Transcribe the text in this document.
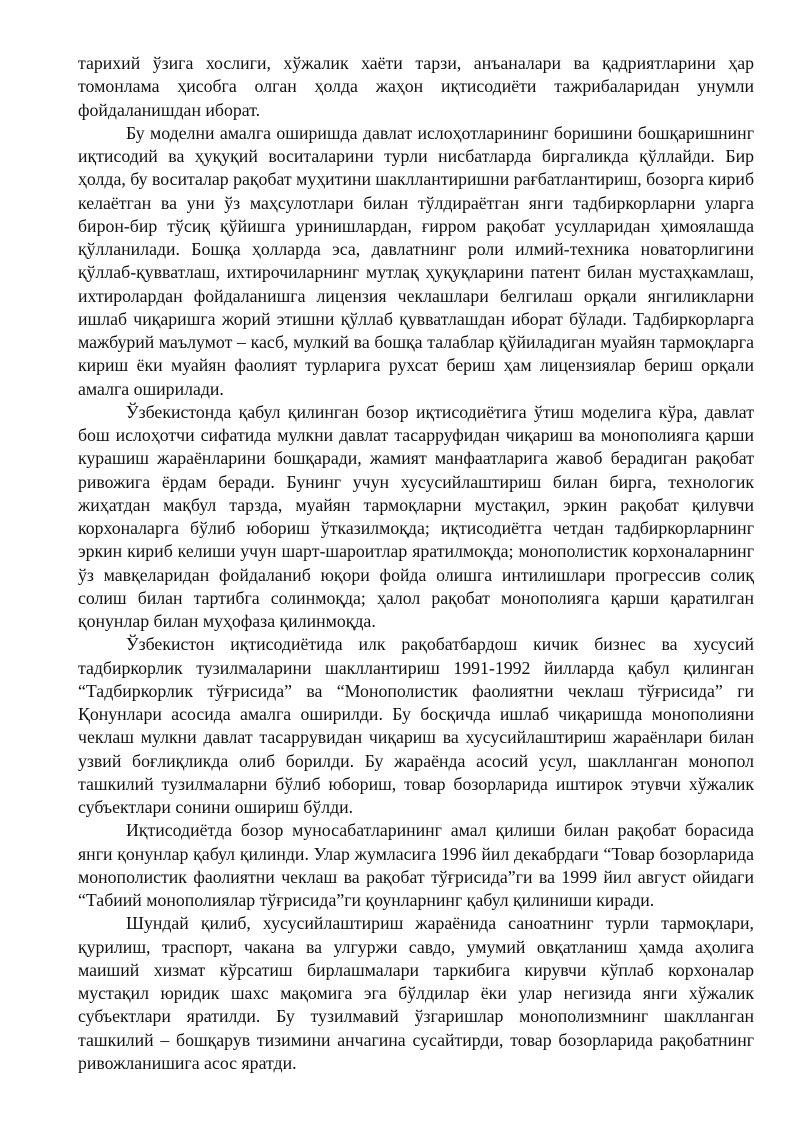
тарихий ўзига хослиги, хўжалик хаёти тарзи, анъаналари ва қадриятларини ҳар томонлама ҳисобга олган ҳолда жаҳон иқтисодиёти тажрибаларидан унумли фойдаланишдан иборат.

Бу моделни амалга оширишда давлат ислоҳотларининг боришини бошқаришнинг иқтисодий ва ҳуқуқий воситаларини турли нисбатларда биргаликда қўллайди. Бир ҳолда, бу воситалар рақобат муҳитини шакллантиришни рағбатлантириш, бозорга кириб келаётган ва уни ўз маҳсулотлари билан тўлдираётган янги тадбиркорларни уларга бирон-бир тўсиқ қўйишга уринишлардан, ғирром рақобат усулларидан ҳимоялашда қўлланилади. Бошқа ҳолларда эса, давлатнинг роли илмий-техника новаторлигини қўллаб-қувватлаш, ихтирочиларнинг мутлақ ҳуқуқларини патент билан мустаҳкамлаш, ихтиролардан фойдаланишга лицензия чеклашлари белгилаш орқали янгиликларни ишлаб чиқаришга жорий этишни қўллаб қувватлашдан иборат бўлади. Тадбиркорларга мажбурий маълумот – касб, мулкий ва бошқа талаблар қўйиладиган муайян тармоқларга кириш ёки муайян фаолият турларига рухсат бериш ҳам лицензиялар бериш орқали амалга оширилади.

Ўзбекистонда қабул қилинган бозор иқтисодиётига ўтиш моделига кўра, давлат бош ислоҳотчи сифатида мулкни давлат тасарруфидан чиқариш ва монополияга қарши курашиш жараёнларини бошқаради, жамият манфаатларига жавоб берадиган рақобат ривожига ёрдам беради. Бунинг учун хусусийлаштириш билан бирга, технологик жиҳатдан мақбул тарзда, муайян тармоқларни мустақил, эркин рақобат қилувчи корхоналарга бўлиб юбориш ўтказилмоқда; иқтисодиётга четдан тадбиркорларнинг эркин кириб келиши учун шарт-шароитлар яратилмоқда; монополистик корхоналарнинг ўз мавқеларидан фойдаланиб юқори фойда олишга интилишлари прогрессив солиқ солиш билан тартибга солинмоқда; ҳалол рақобат монополияга қарши қаратилган қонунлар билан муҳофаза қилинмоқда.

Ўзбекистон иқтисодиётида илк рақобатбардош кичик бизнес ва хусусий тадбиркорлик тузилмаларини шакллантириш 1991-1992 йилларда қабул қилинган “Тадбиркорлик тўғрисида” ва “Монополистик фаолиятни чеклаш тўғрисида” ги Қонунлари асосида амалга оширилди. Бу босқичда ишлаб чиқаришда монополияни чеклаш мулкни давлат тасаррувидан чиқариш ва хусусийлаштириш жараёнлари билан узвий боғлиқликда олиб борилди. Бу жараёнда асосий усул, шаклланган монопол ташкилий тузилмаларни бўлиб юбориш, товар бозорларида иштирок этувчи хўжалик субъектлари сонини ошириш бўлди.

Иқтисодиётда бозор муносабатларининг амал қилиши билан рақобат борасида янги қонунлар қабул қилинди. Улар жумласига 1996 йил декабрдаги “Товар бозорларида монополистик фаолиятни чеклаш ва рақобат тўғрисида”ги ва 1999 йил август ойидаги “Табиий монополиялар тўғрисида”ги қоунларнинг қабул қилиниши киради.

Шундай қилиб, хусусийлаштириш жараёнида саноатнинг турли тармоқлари, қурилиш, траспорт, чакана ва улгуржи савдо, умумий овқатланиш ҳамда аҳолига маиший хизмат кўрсатиш бирлашмалари таркибига кирувчи кўплаб корхоналар мустақил юридик шахс мақомига эга бўлдилар ёки улар негизида янги хўжалик субъектлари яратилди. Бу тузилмавий ўзгаришлар монополизмнинг шаклланган ташкилий – бошқарув тизимини анчагина сусайтирди, товар бозорларида рақобатнинг ривожланишига асос яратди.
